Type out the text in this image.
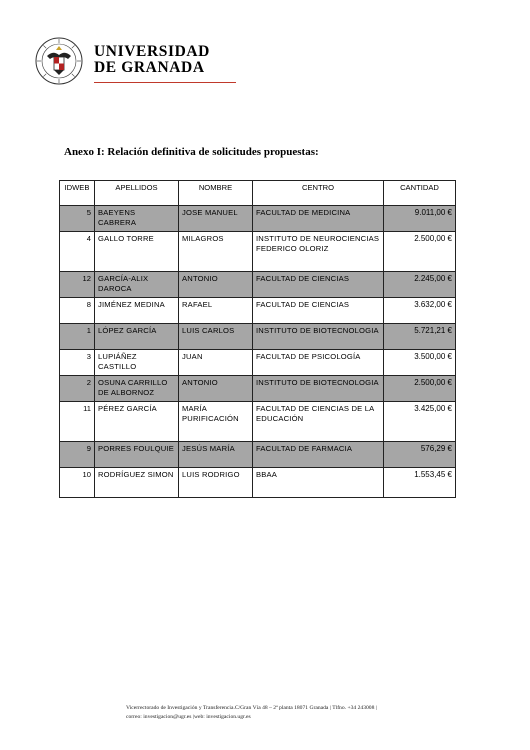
UNIVERSIDAD
DE GRANADA
Anexo I: Relación definitiva de solicitudes propuestas:
IDWEB	APELLIDOS	NOMBRE	CENTRO	CANTIDAD
5	BAEYENS CABRERA	JOSE MANUEL	FACULTAD DE MEDICINA	9.011,00 €
4	GALLO TORRE	MILAGROS	INSTITUTO DE NEUROCIENCIAS FEDERICO OLORIZ	2.500,00 €
12	GARCÍA-ALIX DAROCA	ANTONIO	FACULTAD DE CIENCIAS	2.245,00 €
8	JIMÉNEZ MEDINA	RAFAEL	FACULTAD DE CIENCIAS	3.632,00 €
1	LÓPEZ GARCÍA	LUIS CARLOS	INSTITUTO DE BIOTECNOLOGIA	5.721,21 €
3	LUPIÁÑEZ CASTILLO	JUAN	FACULTAD DE PSICOLOGÍA	3.500,00 €
2	OSUNA CARRILLO DE ALBORNOZ	ANTONIO	INSTITUTO DE BIOTECNOLOGIA	2.500,00 €
11	PÉREZ GARCÍA	MARÍA PURIFICACIÓN	FACULTAD DE CIENCIAS DE LA EDUCACIÓN	3.425,00 €
9	PORRES FOULQUIE	JESÚS MARÍA	FACULTAD DE FARMACIA	576,29 €
10	RODRÍGUEZ SIMON	LUIS RODRIGO	BBAA	1.553,45 €
Vicerrectorado de Investigación y Transferencia.C/Gran Vía 48 – 2ª planta 18071 Granada | Tlfno. +34 243008 |
correo: investigacion@ugr.es |web: investigacion.ugr.es
